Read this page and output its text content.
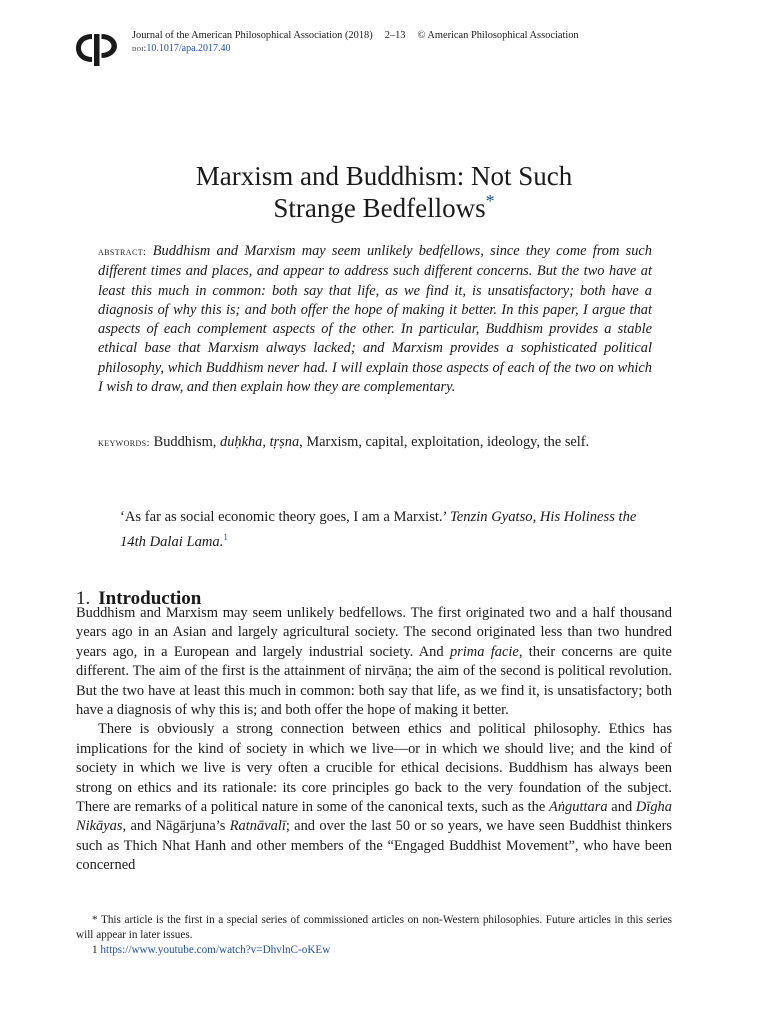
Journal of the American Philosophical Association (2018) 2–13 © American Philosophical Association
doi:10.1017/apa.2017.40
Marxism and Buddhism: Not Such
Strange Bedfellows*
abstract: Buddhism and Marxism may seem unlikely bedfellows, since they come from such different times and places, and appear to address such different concerns. But the two have at least this much in common: both say that life, as we find it, is unsatisfactory; both have a diagnosis of why this is; and both offer the hope of making it better. In this paper, I argue that aspects of each complement aspects of the other. In particular, Buddhism provides a stable ethical base that Marxism always lacked; and Marxism provides a sophisticated political philosophy, which Buddhism never had. I will explain those aspects of each of the two on which I wish to draw, and then explain how they are complementary.
keywords: Buddhism, duḥkha, tṛṣna, Marxism, capital, exploitation, ideology, the self.
‘As far as social economic theory goes, I am a Marxist.’ Tenzin Gyatso, His Holiness the 14th Dalai Lama.$^1$
1. Introduction

Buddhism and Marxism may seem unlikely bedfellows. The first originated two and a half thousand years ago in an Asian and largely agricultural society. The second originated less than two hundred years ago, in a European and largely industrial society. And prima facie, their concerns are quite different. The aim of the first is the attainment of nirvāṇa; the aim of the second is political revolution. But the two have at least this much in common: both say that life, as we find it, is unsatisfactory; both have a diagnosis of why this is; and both offer the hope of making it better.

There is obviously a strong connection between ethics and political philosophy. Ethics has implications for the kind of society in which we live—or in which we should live; and the kind of society in which we live is very often a crucible for ethical decisions. Buddhism has always been strong on ethics and its rationale: its core principles go back to the very foundation of the subject. There are remarks of a political nature in some of the canonical texts, such as the Aṅguttara and Dīgha Nikāyas, and Nāgārjuna’s Ratnāvalī; and over the last 50 or so years, we have seen Buddhist thinkers such as Thich Nhat Hanh and other members of the “Engaged Buddhist Movement”, who have been concerned

* This article is the first in a special series of commissioned articles on non-Western philosophies. Future articles in this series will appear in later issues.

1 https://www.youtube.com/watch?v=DhvlnC-oKEw
